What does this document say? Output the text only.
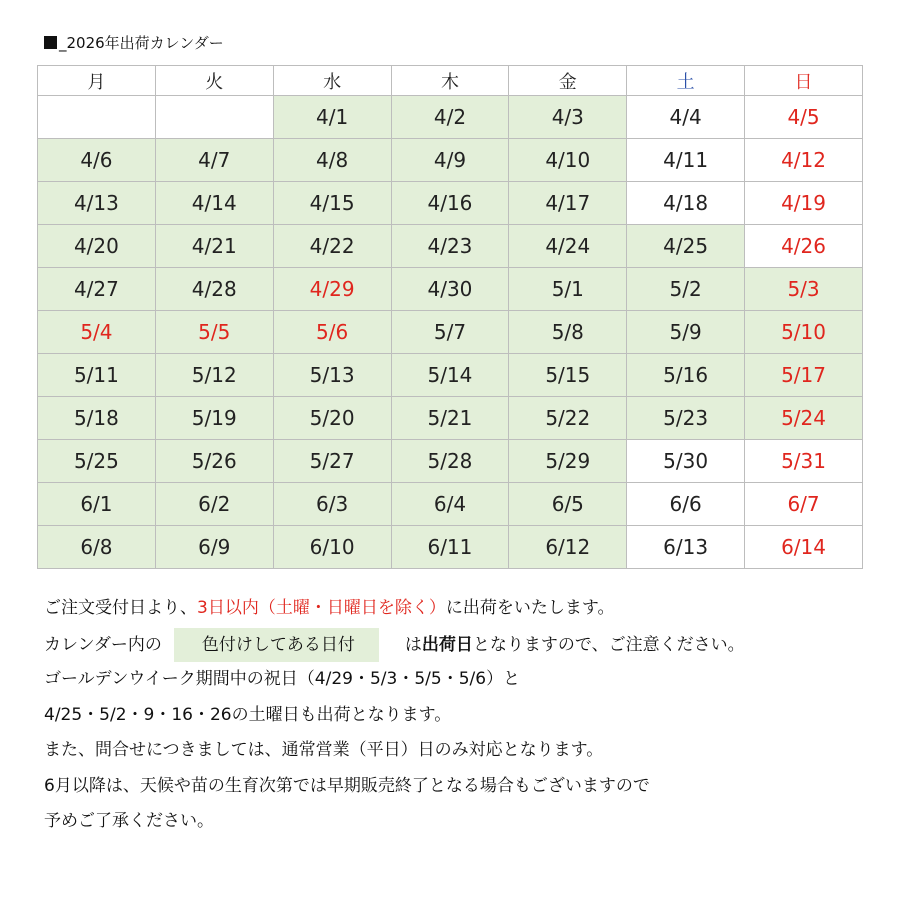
_2026年出荷カレンダー
月	火	水	木	金	土	日
		4/1	4/2	4/3	4/4	4/5
4/6	4/7	4/8	4/9	4/10	4/11	4/12
4/13	4/14	4/15	4/16	4/17	4/18	4/19
4/20	4/21	4/22	4/23	4/24	4/25	4/26
4/27	4/28	4/29	4/30	5/1	5/2	5/3
5/4	5/5	5/6	5/7	5/8	5/9	5/10
5/11	5/12	5/13	5/14	5/15	5/16	5/17
5/18	5/19	5/20	5/21	5/22	5/23	5/24
5/25	5/26	5/27	5/28	5/29	5/30	5/31
6/1	6/2	6/3	6/4	6/5	6/6	6/7
6/8	6/9	6/10	6/11	6/12	6/13	6/14

ご注文受付日より、3日以内（土曜・日曜日を除く）に出荷をいたします。

カレンダー内の 色付けしてある日付	は出荷日となりますので、ご注意ください。

ゴールデンウイーク期間中の祝日（4/29・5/3・5/5・5/6）と

4/25・5/2・9・16・26の土曜日も出荷となります。

また、問合せにつきましては、通常営業（平日）日のみ対応となります。

6月以降は、天候や苗の生育次第では早期販売終了となる場合もございますので

予めご了承ください。
